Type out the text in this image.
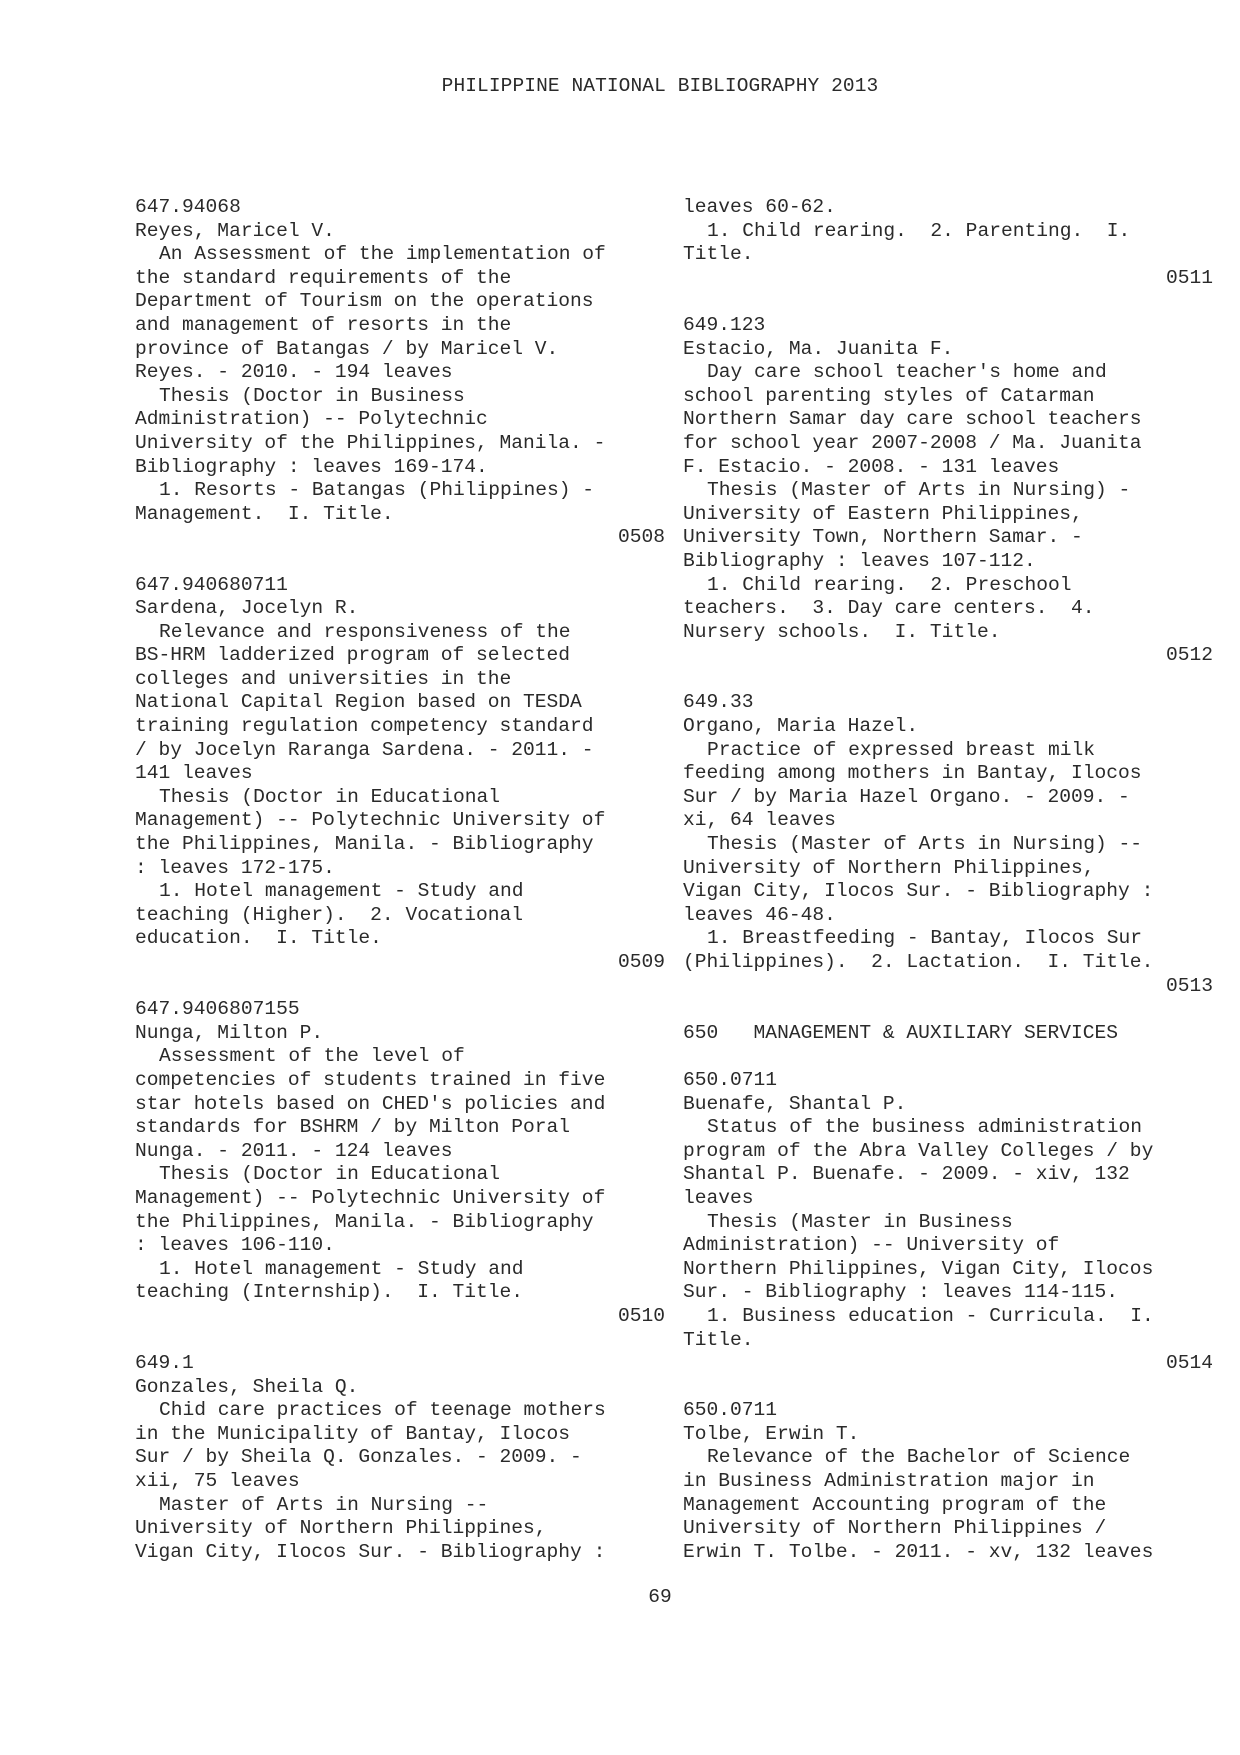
PHILIPPINE NATIONAL BIBLIOGRAPHY 2013
647.94068
Reyes, Maricel V.
An Assessment of the implementation of
the standard requirements of the
Department of Tourism on the operations
and management of resorts in the
province of Batangas / by Maricel V.
Reyes. - 2010. - 194 leaves
Thesis (Doctor in Business
Administration) -- Polytechnic
University of the Philippines, Manila. -
Bibliography : leaves 169-174.
1. Resorts - Batangas (Philippines) -
Management.  I. Title.
0508
647.940680711
Sardena, Jocelyn R.
Relevance and responsiveness of the
BS-HRM ladderized program of selected
colleges and universities in the
National Capital Region based on TESDA
training regulation competency standard
/ by Jocelyn Raranga Sardena. - 2011. -
141 leaves
Thesis (Doctor in Educational
Management) -- Polytechnic University of
the Philippines, Manila. - Bibliography
: leaves 172-175.
1. Hotel management - Study and
teaching (Higher).  2. Vocational
education.  I. Title.
0509
647.9406807155
Nunga, Milton P.
Assessment of the level of
competencies of students trained in five
star hotels based on CHED's policies and
standards for BSHRM / by Milton Poral
Nunga. - 2011. - 124 leaves
Thesis (Doctor in Educational
Management) -- Polytechnic University of
the Philippines, Manila. - Bibliography
: leaves 106-110.
1. Hotel management - Study and
teaching (Internship).  I. Title.
0510
649.1
Gonzales, Sheila Q.
Chid care practices of teenage mothers
in the Municipality of Bantay, Ilocos
Sur / by Sheila Q. Gonzales. - 2009. -
xii, 75 leaves
Master of Arts in Nursing --
University of Northern Philippines,
Vigan City, Ilocos Sur. - Bibliography :
leaves 60-62.
1. Child rearing.  2. Parenting.  I.
Title.
0511
649.123
Estacio, Ma. Juanita F.
Day care school teacher's home and
school parenting styles of Catarman
Northern Samar day care school teachers
for school year 2007-2008 / Ma. Juanita
F. Estacio. - 2008. - 131 leaves
Thesis (Master of Arts in Nursing) -
University of Eastern Philippines,
University Town, Northern Samar. -
Bibliography : leaves 107-112.
1. Child rearing.  2. Preschool
teachers.  3. Day care centers.  4.
Nursery schools.  I. Title.
0512
649.33
Organo, Maria Hazel.
Practice of expressed breast milk
feeding among mothers in Bantay, Ilocos
Sur / by Maria Hazel Organo. - 2009. -
xi, 64 leaves
Thesis (Master of Arts in Nursing) --
University of Northern Philippines,
Vigan City, Ilocos Sur. - Bibliography :
leaves 46-48.
1. Breastfeeding - Bantay, Ilocos Sur
(Philippines).  2. Lactation.  I. Title.
0513
650   MANAGEMENT & AUXILIARY SERVICES
650.0711
Buenafe, Shantal P.
Status of the business administration
program of the Abra Valley Colleges / by
Shantal P. Buenafe. - 2009. - xiv, 132
leaves
Thesis (Master in Business
Administration) -- University of
Northern Philippines, Vigan City, Ilocos
Sur. - Bibliography : leaves 114-115.
1. Business education - Curricula.  I.
Title.
0514
650.0711
Tolbe, Erwin T.
Relevance of the Bachelor of Science
in Business Administration major in
Management Accounting program of the
University of Northern Philippines /
Erwin T. Tolbe. - 2011. - xv, 132 leaves
69
